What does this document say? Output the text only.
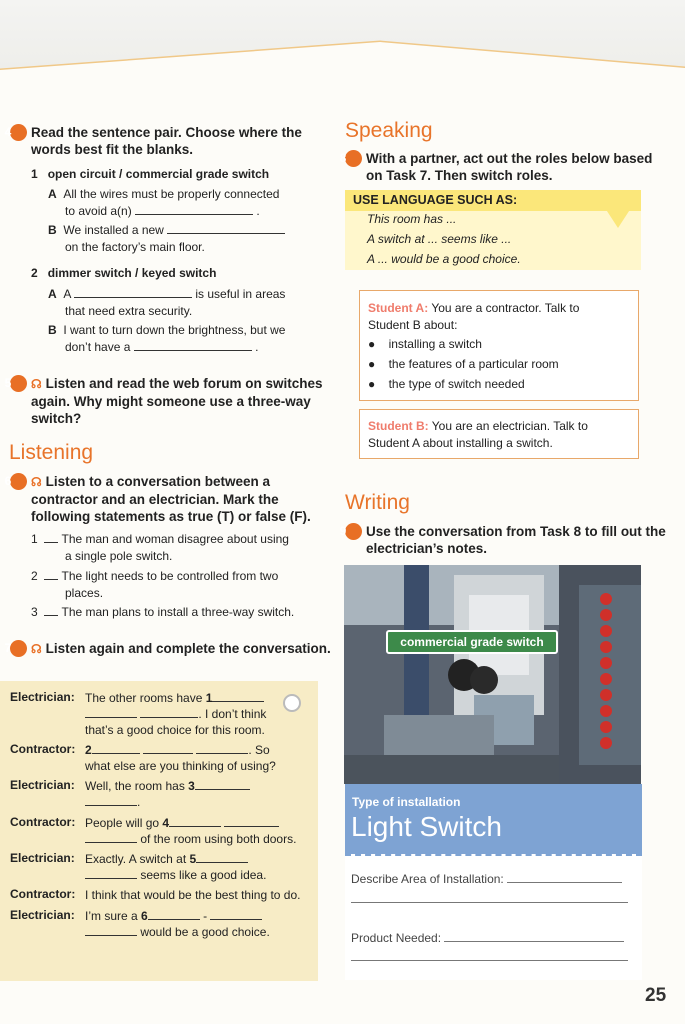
4 Read the sentence pair. Choose where the words best fit the blanks.
1 open circuit / commercial grade switch
A All the wires must be properly connected
to avoid a(n)	.
B We installed a new
on the factory’s main floor.
2 dimmer switch / keyed switch
A A	is useful in areas
that need extra security.
B I want to turn down the brightness, but we
don’t have a	.
5 ☊ Listen and read the web forum on switches again. Why might someone use a three-way switch?
Listening
6 ☊ Listen to a conversation between a contractor and an electrician. Mark the following statements as true (T) or false (F).
1 The man and woman disagree about using
a single pole switch.
2 The light needs to be controlled from two
places.
3 The man plans to install a three-way switch.
7 ☊ Listen again and complete the conversation.
Electrician: The other rooms have 1
. I don’t think
that’s a good choice for this room.
Contractor: 2	. So
what else are you thinking of using?
Electrician: Well, the room has 3
.
Contractor: People will go 4
of the room using both doors.
Electrician: Exactly. A switch at 5
seems like a good idea.
Contractor: I think that would be the best thing to do.
Electrician: I’m sure a 6	-
would be a good choice.
Speaking
8 With a partner, act out the roles below based on Task 7. Then switch roles.
USE LANGUAGE SUCH AS:
This room has ...
A switch at ... seems like ...
A ... would be a good choice.
Student A: You are a contractor. Talk to
Student B about:
● installing a switch
● the features of a particular room
● the type of switch needed
Student B: You are an electrician. Talk to
Student A about installing a switch.
Writing
9 Use the conversation from Task 8 to fill out the electrician’s notes.
commercial grade switch
Type of installation
Light Switch
Describe Area of Installation:
Product Needed:
25
